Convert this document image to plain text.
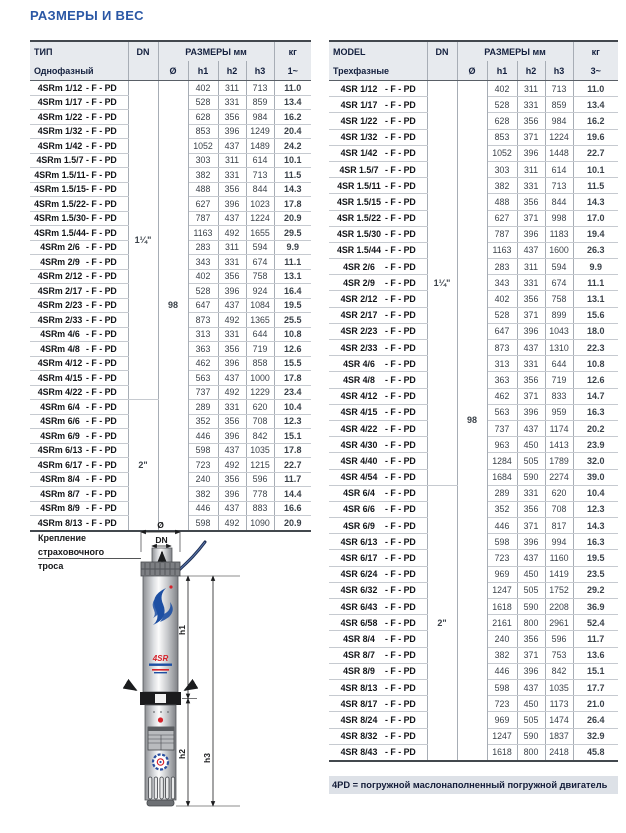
РАЗМЕРЫ И ВЕС
ТИП	DN	РАЗМЕРЫ мм				кг
Однофазный		Ø	h1	h2	h3	1~

4SRm 1/12 - F - PD	1¼"	98	402	311	713	11.0

4SRm 1/17 - F - PD			528	331	859	13.4

4SRm 1/22 - F - PD			628	356	984	16.2

4SRm 1/32 - F - PD			853	396	1249	20.4

4SRm 1/42 - F - PD			1052	437	1489	24.2

4SRm 1.5/7 - F - PD			303	311	614	10.1

4SRm 1.5/11 - F - PD			382	331	713	11.5

4SRm 1.5/15 - F - PD			488	356	844	14.3

4SRm 1.5/22 - F - PD			627	396	1023	17.8

4SRm 1.5/30 - F - PD			787	437	1224	20.9

4SRm 1.5/44 - F - PD			1163	492	1655	29.5

4SRm 2/6 - F - PD			283	311	594	9.9

4SRm 2/9 - F - PD			343	331	674	11.1

4SRm 2/12 - F - PD			402	356	758	13.1

4SRm 2/17 - F - PD			528	396	924	16.4

4SRm 2/23 - F - PD			647	437	1084	19.5

4SRm 2/33 - F - PD			873	492	1365	25.5

4SRm 4/6 - F - PD			313	331	644	10.8

4SRm 4/8 - F - PD			363	356	719	12.6

4SRm 4/12 - F - PD			462	396	858	15.5

4SRm 4/15 - F - PD			563	437	1000	17.8

4SRm 4/22 - F - PD			737	492	1229	23.4

4SRm 6/4 - F - PD	2"		289	331	620	10.4

4SRm 6/6 - F - PD			352	356	708	12.3

4SRm 6/9 - F - PD			446	396	842	15.1

4SRm 6/13 - F - PD			598	437	1035	17.8

4SRm 6/17 - F - PD			723	492	1215	22.7

4SRm 8/4 - F - PD			240	356	596	11.7

4SRm 8/7 - F - PD			382	396	778	14.4

4SRm 8/9 - F - PD			446	437	883	16.6

4SRm 8/13 - F - PD			598	492	1090	20.9
MODEL	DN	РАЗМЕРЫ мм				кг
Трехфазные		Ø	h1	h2	h3	3~

4SR 1/12 - F - PD	1¼"	98	402	311	713	11.0

4SR 1/17 - F - PD			528	331	859	13.4

4SR 1/22 - F - PD			628	356	984	16.2

4SR 1/32 - F - PD			853	371	1224	19.6

4SR 1/42 - F - PD			1052	396	1448	22.7

4SR 1.5/7 - F - PD			303	311	614	10.1

4SR 1.5/11 - F - PD			382	331	713	11.5

4SR 1.5/15 - F - PD			488	356	844	14.3

4SR 1.5/22 - F - PD			627	371	998	17.0

4SR 1.5/30 - F - PD			787	396	1183	19.4

4SR 1.5/44 - F - PD			1163	437	1600	26.3

4SR 2/6 - F - PD			283	311	594	9.9

4SR 2/9 - F - PD			343	331	674	11.1

4SR 2/12 - F - PD			402	356	758	13.1

4SR 2/17 - F - PD			528	371	899	15.6

4SR 2/23 - F - PD			647	396	1043	18.0

4SR 2/33 - F - PD			873	437	1310	22.3

4SR 4/6 - F - PD			313	331	644	10.8

4SR 4/8 - F - PD			363	356	719	12.6

4SR 4/12 - F - PD			462	371	833	14.7

4SR 4/15 - F - PD			563	396	959	16.3

4SR 4/22 - F - PD			737	437	1174	20.2

4SR 4/30 - F - PD			963	450	1413	23.9

4SR 4/40 - F - PD			1284	505	1789	32.0

4SR 4/54 - F - PD			1684	590	2274	39.0

4SR 6/4 - F - PD	2"		289	331	620	10.4

4SR 6/6 - F - PD			352	356	708	12.3

4SR 6/9 - F - PD			446	371	817	14.3

4SR 6/13 - F - PD			598	396	994	16.3

4SR 6/17 - F - PD			723	437	1160	19.5

4SR 6/24 - F - PD			969	450	1419	23.5

4SR 6/32 - F - PD			1247	505	1752	29.2

4SR 6/43 - F - PD			1618	590	2208	36.9

4SR 6/58 - F - PD			2161	800	2961	52.4

4SR 8/4 - F - PD			240	356	596	11.7

4SR 8/7 - F - PD			382	371	753	13.6

4SR 8/9 - F - PD			446	396	842	15.1

4SR 8/13 - F - PD			598	437	1035	17.7

4SR 8/17 - F - PD			723	450	1173	21.0

4SR 8/24 - F - PD			969	505	1474	26.4

4SR 8/32 - F - PD			1247	590	1837	32.9

4SR 8/43 - F - PD			1618	800	2418	45.8
4PD = погружной маслонаполненный погружной двигатель
Крепление
страховочного
троса
Ø
DN
4SR
h1
h2 h3
